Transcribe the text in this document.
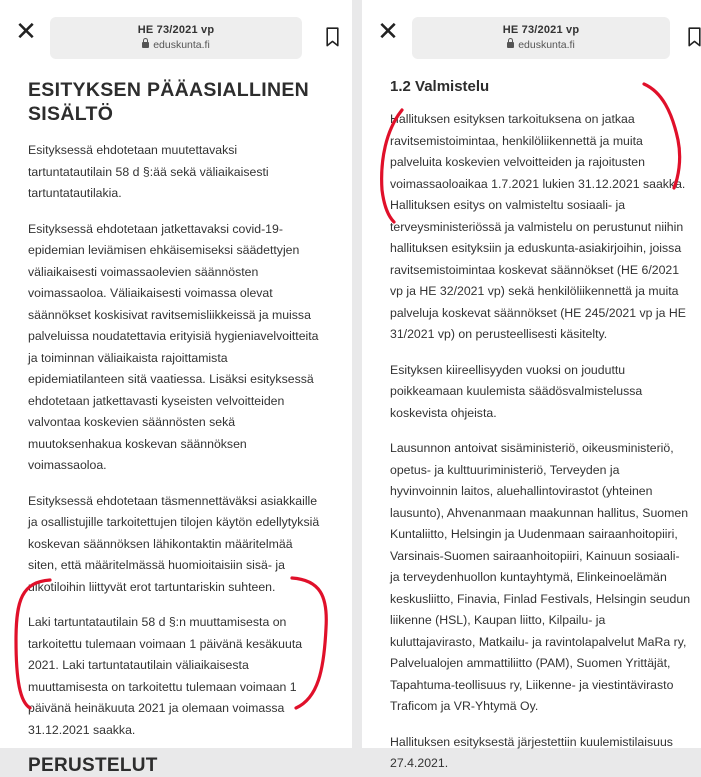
✕	HE 73/2021 vp
eduskunta.fi
ESITYKSEN PÄÄASIALLINEN SISÄLTÖ

Esityksessä ehdotetaan muutettavaksi
tartuntatautilain 58 d §:ää sekä väliaikaisesti
tartuntatautilakia.

Esityksessä ehdotetaan jatkettavaksi covid-19-
epidemian leviämisen ehkäisemiseksi säädettyjen
väliaikaisesti voimassaolevien säännösten
voimassaoloa. Väliaikaisesti voimassa olevat
säännökset koskisivat ravitsemisliikkeissä ja muissa
palveluissa noudatettavia erityisiä hygieniavelvoitteita
ja toiminnan väliaikaista rajoittamista
epidemiatilanteen sitä vaatiessa. Lisäksi esityksessä
ehdotetaan jatkettavasti kyseisten velvoitteiden
valvontaa koskevien säännösten sekä
muutoksenhakua koskevan säännöksen
voimassaoloa.

Esityksessä ehdotetaan täsmennettäväksi asiakkaille
ja osallistujille tarkoitettujen tilojen käytön edellytyksiä
koskevan säännöksen lähikontaktin määritelmää
siten, että määritelmässä huomioitaisiin sisä- ja
ulkotiloihin liittyvät erot tartuntariskin suhteen.

Laki tartuntatautilain 58 d §:n muuttamisesta on
tarkoitettu tulemaan voimaan 1 päivänä kesäkuuta
2021. Laki tartuntatautilain väliaikaisesta
muuttamisesta on tarkoitettu tulemaan voimaan 1
päivänä heinäkuuta 2021 ja olemaan voimassa
31.12.2021 saakka.

PERUSTELUT
✕	HE 73/2021 vp
eduskunta.fi
1.2 Valmistelu

Hallituksen esityksen tarkoituksena on jatkaa
ravitsemistoimintaa, henkilöliikennettä ja muita
palveluita koskevien velvoitteiden ja rajoitusten
voimassaoloaikaa 1.7.2021 lukien 31.12.2021 saakka.
Hallituksen esitys on valmisteltu sosiaali- ja
terveysministeriössä ja valmistelu on perustunut niihin
hallituksen esityksiin ja eduskunta-asiakirjoihin, joissa
ravitsemistoimintaa koskevat säännökset (HE 6/2021
vp ja HE 32/2021 vp) sekä henkilöliikennettä ja muita
palveluja koskevat säännökset (HE 245/2021 vp ja HE
31/2021 vp) on perusteellisesti käsitelty.

Esityksen kiireellisyyden vuoksi on jouduttu
poikkeamaan kuulemista säädösvalmistelussa
koskevista ohjeista.

Lausunnon antoivat sisäministeriö, oikeusministeriö,
opetus- ja kulttuuriministeriö, Terveyden ja
hyvinvoinnin laitos, aluehallintovirastot (yhteinen
lausunto), Ahvenanmaan maakunnan hallitus, Suomen
Kuntaliitto, Helsingin ja Uudenmaan sairaanhoitopiiri,
Varsinais-Suomen sairaanhoitopiiri, Kainuun sosiaali-
ja terveydenhuollon kuntayhtymä, Elinkeinoelämän
keskusliitto, Finavia, Finlad Festivals, Helsingin seudun
liikenne (HSL), Kaupan liitto, Kilpailu- ja
kuluttajavirasto, Matkailu- ja ravintolapalvelut MaRa ry,
Palvelualojen ammattiliitto (PAM), Suomen Yrittäjät,
Tapahtuma-teollisuus ry, Liikenne- ja viestintävirasto
Traficom ja VR-Yhtymä Oy.

Hallituksen esityksestä järjestettiin kuulemistilaisuus
27.4.2021.
